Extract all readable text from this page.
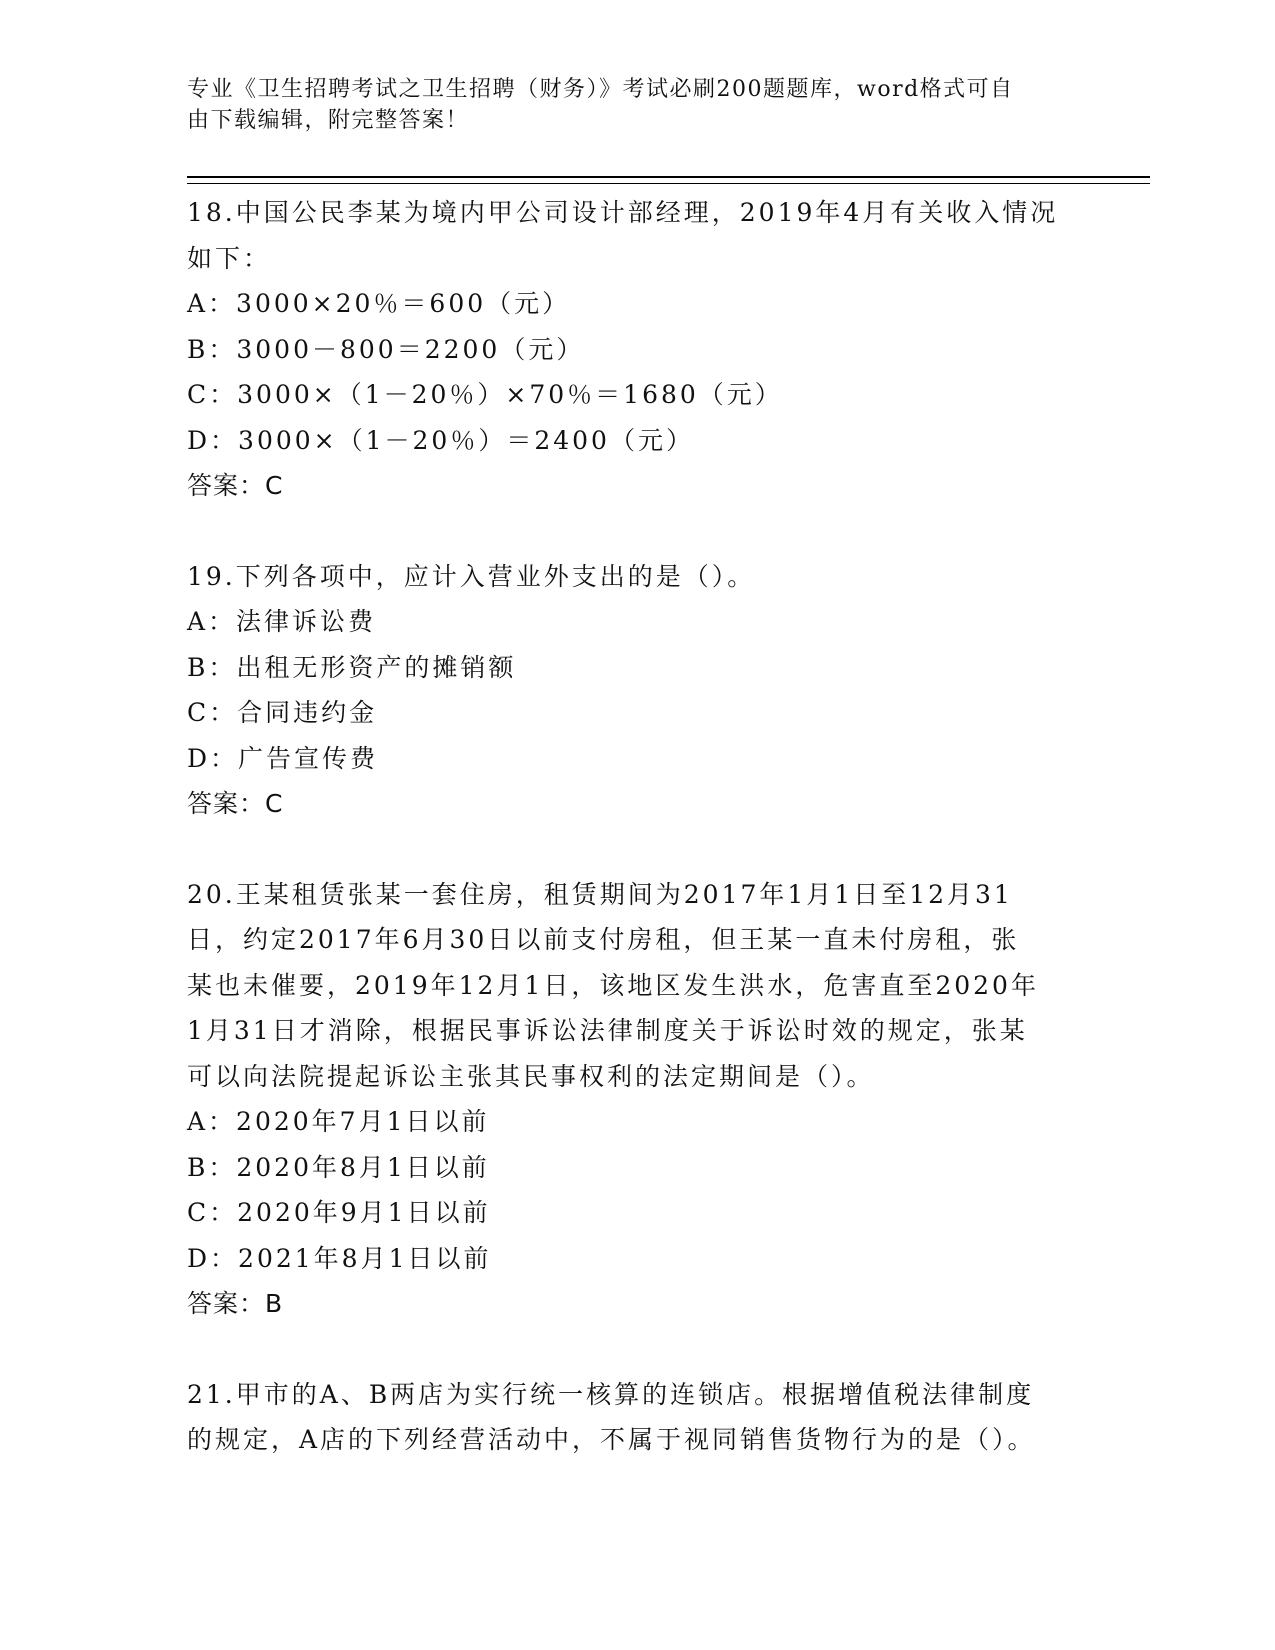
专业《卫生招聘考试之卫生招聘（财务）》考试必刷200题题库，word格式可自
由下载编辑，附完整答案！
18.中国公民李某为境内甲公司设计部经理，2019年4月有关收入情况
如下：
A：3000×20％＝600（元）
B：3000－800＝2200（元）
C：3000×（1－20％）×70％＝1680（元）
D：3000×（1－20％）＝2400（元）
答案：C
19.下列各项中，应计入营业外支出的是（）。
A：法律诉讼费
B：出租无形资产的摊销额
C：合同违约金
D：广告宣传费
答案：C
20.王某租赁张某一套住房，租赁期间为2017年1月1日至12月31
日，约定2017年6月30日以前支付房租，但王某一直未付房租，张
某也未催要，2019年12月1日，该地区发生洪水，危害直至2020年
1月31日才消除，根据民事诉讼法律制度关于诉讼时效的规定，张某
可以向法院提起诉讼主张其民事权利的法定期间是（）。
A：2020年7月1日以前
B：2020年8月1日以前
C：2020年9月1日以前
D：2021年8月1日以前
答案：B
21.甲市的A、B两店为实行统一核算的连锁店。根据增值税法律制度
的规定，A店的下列经营活动中，不属于视同销售货物行为的是（）。
